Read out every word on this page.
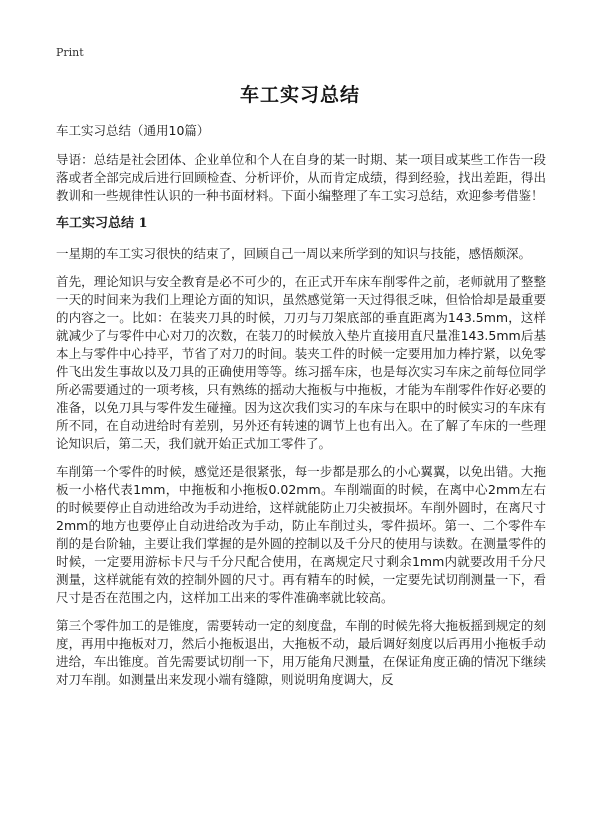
Print
车工实习总结
车工实习总结（通用10篇）

导语：总结是社会团体、企业单位和个人在自身的某一时期、某一项目或某些工作告一段落或者全部完成后进行回顾检查、分析评价，从而肯定成绩，得到经验，找出差距，得出教训和一些规律性认识的一种书面材料。下面小编整理了车工实习总结，欢迎参考借鉴！

车工实习总结 1

一星期的车工实习很快的结束了，回顾自己一周以来所学到的知识与技能，感悟颇深。

首先，理论知识与安全教育是必不可少的，在正式开车床车削零件之前，老师就用了整整一天的时间来为我们上理论方面的知识，虽然感觉第一天过得很乏味，但恰恰却是最重要的内容之一。比如：在装夹刀具的时候，刀刃与刀架底部的垂直距离为143.5mm，这样就减少了与零件中心对刀的次数，在装刀的时候放入垫片直接用直尺量准143.5mm后基本上与零件中心持平，节省了对刀的时间。装夹工件的时候一定要用加力棒拧紧，以免零件飞出发生事故以及刀具的正确使用等等。练习摇车床，也是每次实习车床之前每位同学所必需要通过的一项考核，只有熟练的摇动大拖板与中拖板，才能为车削零件作好必要的准备，以免刀具与零件发生碰撞。因为这次我们实习的车床与在职中的时候实习的车床有所不同，在自动进给时有差别，另外还有转速的调节上也有出入。在了解了车床的一些理论知识后，第二天，我们就开始正式加工零件了。

车削第一个零件的时候，感觉还是很紧张，每一步都是那么的小心翼翼，以免出错。大拖板一小格代表1mm，中拖板和小拖板0.02mm。车削端面的时候，在离中心2mm左右的时候要停止自动进给改为手动进给，这样就能防止刀尖被损坏。车削外圆时，在离尺寸2mm的地方也要停止自动进给改为手动，防止车削过头，零件损坏。第一、二个零件车削的是台阶轴，主要让我们掌握的是外圆的控制以及千分尺的使用与读数。在测量零件的时候，一定要用游标卡尺与千分尺配合使用，在离规定尺寸剩余1mm内就要改用千分尺测量，这样就能有效的控制外圆的尺寸。再有精车的时候，一定要先试切削测量一下，看尺寸是否在范围之内，这样加工出来的零件准确率就比较高。

第三个零件加工的是锥度，需要转动一定的刻度盘，车削的时候先将大拖板摇到规定的刻度，再用中拖板对刀，然后小拖板退出，大拖板不动，最后调好刻度以后再用小拖板手动进给，车出锥度。首先需要试切削一下，用万能角尺测量，在保证角度正确的情况下继续对刀车削。如测量出来发现小端有缝隙，则说明角度调大，反
